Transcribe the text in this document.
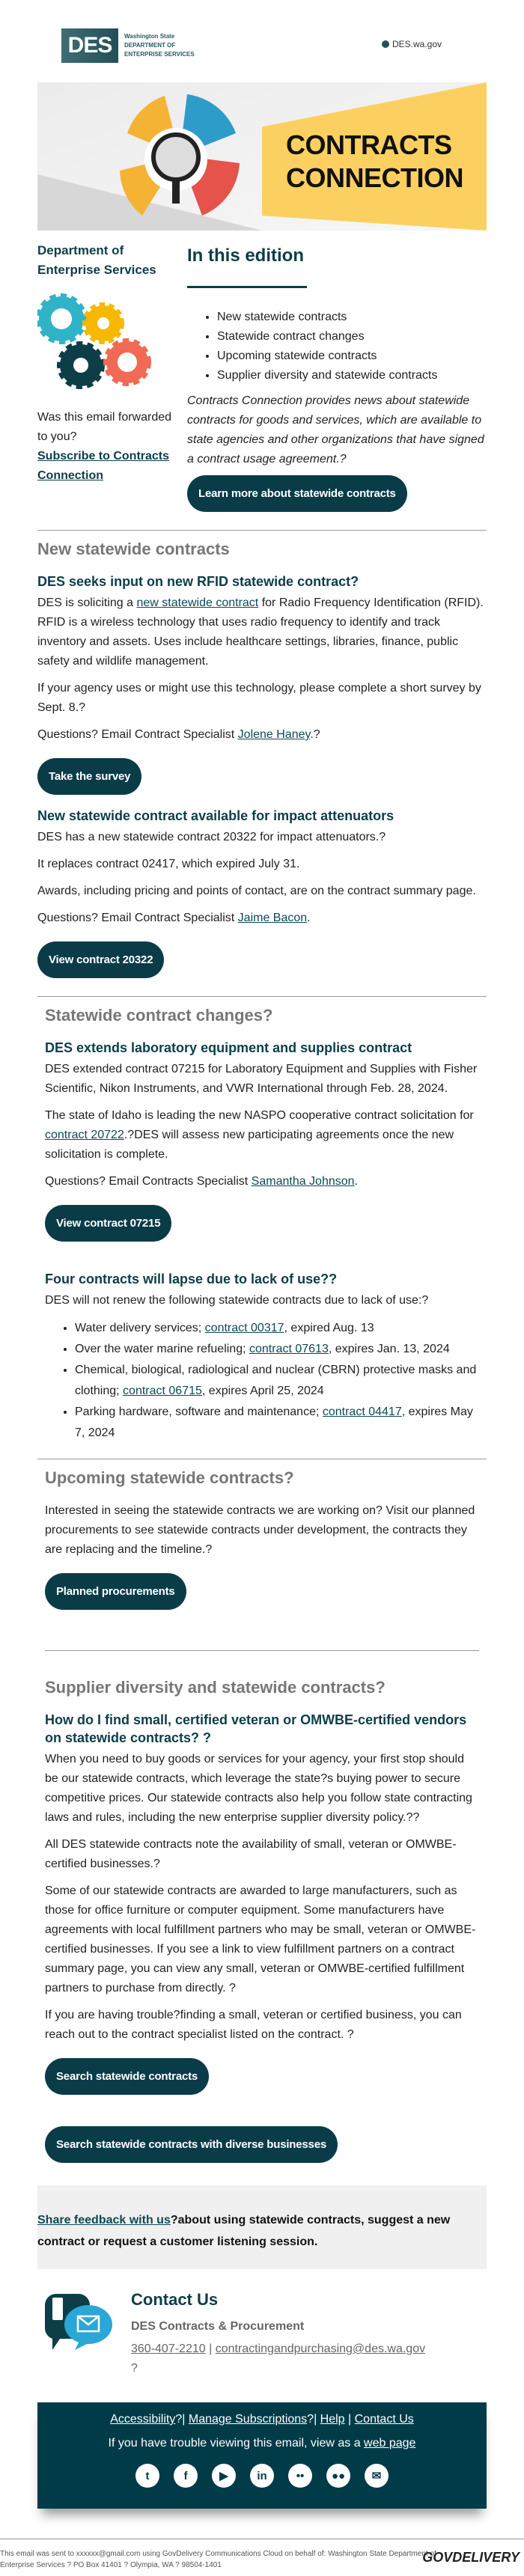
DES	Washington State
DEPARTMENT OF
ENTERPRISE SERVICES
DES.wa.gov
CONTRACTS
CONNECTION
Department of Enterprise Services
Was this email forwarded to you?
Subscribe to Contracts Connection
In this edition
• New statewide contracts
• Statewide contract changes
• Upcoming statewide contracts
• Supplier diversity and statewide contracts
Contracts Connection provides news about statewide contracts for goods and services, which are available to state agencies and other organizations that have signed a contract usage agreement.?
Learn more about statewide contracts
New statewide contracts
DES seeks input on new RFID statewide contract?

DES is soliciting a new statewide contract for Radio Frequency Identification (RFID). RFID is a wireless technology that uses radio frequency to identify and track inventory and assets. Uses include healthcare settings, libraries, finance, public safety and wildlife management.

If your agency uses or might use this technology, please complete a short survey by Sept. 8.?

Questions? Email Contract Specialist Jolene Haney.?

Take the survey
New statewide contract available for impact attenuators

DES has a new statewide contract 20322 for impact attenuators.?

It replaces contract 02417, which expired July 31.

Awards, including pricing and points of contact, are on the contract summary page.

Questions? Email Contract Specialist Jaime Bacon.

View contract 20322
Statewide contract changes?
DES extends laboratory equipment and supplies contract

DES extended contract 07215 for Laboratory Equipment and Supplies with Fisher Scientific, Nikon Instruments, and VWR International through Feb. 28, 2024.

The state of Idaho is leading the new NASPO cooperative contract solicitation for contract 20722.?DES will assess new participating agreements once the new solicitation is complete.

Questions? Email Contracts Specialist Samantha Johnson.

View contract 07215
Four contracts will lapse due to lack of use??

DES will not renew the following statewide contracts due to lack of use:?

• Water delivery services; contract 00317, expired Aug. 13
• Over the water marine refueling; contract 07613, expires Jan. 13, 2024
• Chemical, biological, radiological and nuclear (CBRN) protective masks and clothing; contract 06715, expires April 25, 2024
• Parking hardware, software and maintenance; contract 04417, expires May 7, 2024
Upcoming statewide contracts?

Interested in seeing the statewide contracts we are working on? Visit our planned procurements to see statewide contracts under development, the contracts they are replacing and the timeline.?

Planned procurements
Supplier diversity and statewide contracts?
How do I find small, certified veteran or OMWBE-certified vendors on statewide contracts? ?

When you need to buy goods or services for your agency, your first stop should be our statewide contracts, which leverage the state?s buying power to secure competitive prices. Our statewide contracts also help you follow state contracting laws and rules, including the new enterprise supplier diversity policy.??

All DES statewide contracts note the availability of small, veteran or OMWBE-certified businesses.?

Some of our statewide contracts are awarded to large manufacturers, such as those for office furniture or computer equipment. Some manufacturers have agreements with local fulfillment partners who may be small, veteran or OMWBE-certified businesses. If you see a link to view fulfillment partners on a contract summary page, you can view any small, veteran or OMWBE-certified fulfillment partners to purchase from directly. ?

If you are having trouble?finding a small, veteran or certified business, you can reach out to the contract specialist listed on the contract. ?

Search statewide contracts
Search statewide contracts with diverse businesses
Share feedback with us?about using statewide contracts, suggest a new contract or request a customer listening session.
Contact Us
DES Contracts & Procurement
360-407-2210 | contractingandpurchasing@des.wa.gov
?
Accessibility?| Manage Subscriptions?| Help | Contact Us
If you have trouble viewing this email, view as a web page
t	f	▶	in	••	●●	✉
This email was sent to xxxxxx@gmail.com using GovDelivery Communications Cloud on behalf of: Washington State Department of Enterprise Services ? PO Box 41401 ? Olympia, WA ? 98504-1401
GOVDELIVERY
